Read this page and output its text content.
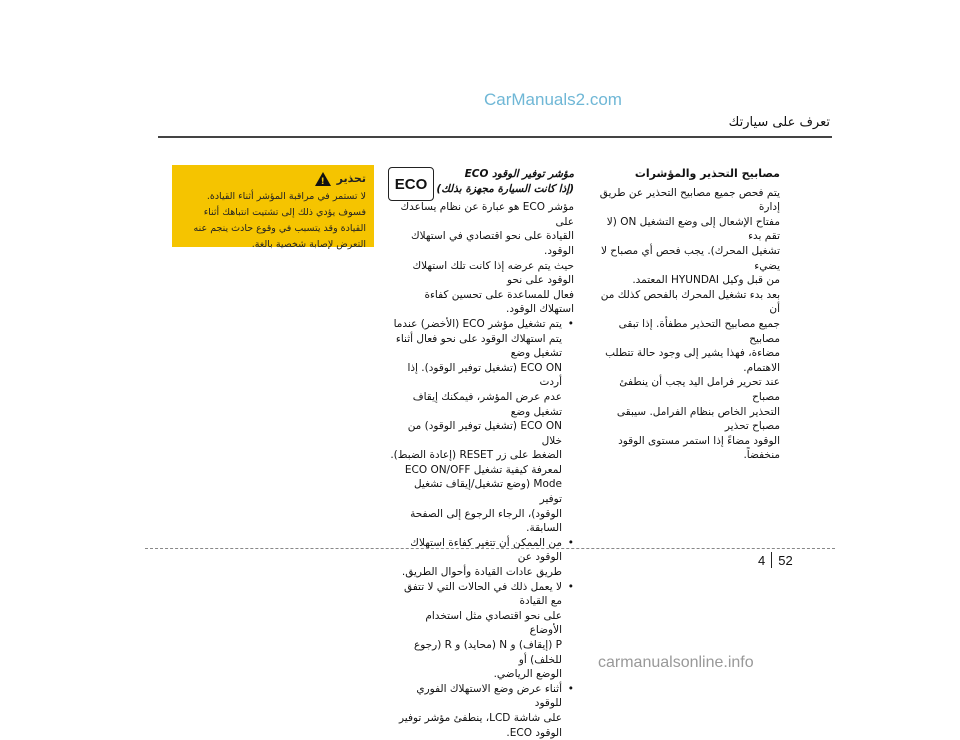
CarManuals2.com
تعرف على سيارتك
تحذير
!
لا تستمر في مراقبة المؤشر أثناء القيادة.
فسوف يؤدي ذلك إلى تشتيت انتباهك أثناء
القيادة وقد يتسبب في وقوع حادث ينجم عنه
التعرض لإصابة شخصية بالغة.
ECO
مؤشر توفير الوقود ECO
(إذا كانت السيارة مجهزة بذلك)

مؤشر ECO هو عبارة عن نظام يساعدك على

القيادة على نحو اقتصادي في استهلاك الوقود.

حيث يتم عرضه إذا كانت تلك استهلاك الوقود على نحو

فعال للمساعدة على تحسين كفاءة استهلاك الوقود.

• يتم تشغيل مؤشر ECO (الأخضر) عندما
يتم استهلاك الوقود على نحو فعال أثناء تشغيل وضع
ECO ON (تشغيل توفير الوقود). إذا أردت
عدم عرض المؤشر، فيمكنك إيقاف تشغيل وضع
ECO ON (تشغيل توفير الوقود) من خلال
الضغط على زر RESET (إعادة الضبط).
لمعرفة كيفية تشغيل ECO ON/OFF
Mode (وضع تشغيل/إيقاف تشغيل توفير
الوقود)، الرجاء الرجوع إلى الصفحة السابقة.
• من الممكن أن تتغير كفاءة استهلاك الوقود عن
طريق عادات القيادة وأحوال الطريق.
• لا يعمل ذلك في الحالات التي لا تتفق مع القيادة
على نحو اقتصادي مثل استخدام الأوضاع
P (إيقاف) و N (محايد) و R (رجوع للخلف) أو
الوضع الرياضي.
• أثناء عرض وضع الاستهلاك الفوري للوقود
على شاشة LCD، ينطفئ مؤشر توفير
الوقود ECO.
مصابيح التحذير والمؤشرات
يتم فحص جميع مصابيح التحذير عن طريق إدارة
مفتاح الإشعال إلى وضع التشغيل ON (لا تقم بدء
تشغيل المحرك). يجب فحص أي مصباح لا يضيء
من قبل وكيل HYUNDAI المعتمد.
بعد بدء تشغيل المحرك بالفحص كذلك من أن
جميع مصابيح التحذير مطفأة. إذا تبقى مصابيح
مضاءة، فهذا يشير إلى وجود حالة تتطلب الاهتمام.
عند تحرير فرامل اليد يجب أن ينطفئ مصباح
التحذير الخاص بنظام الفرامل. سيبقى مصباح تحذير
الوقود مضاءً إذا استمر مستوى الوقود منخفضاً.
4 52
carmanualsonline.info
